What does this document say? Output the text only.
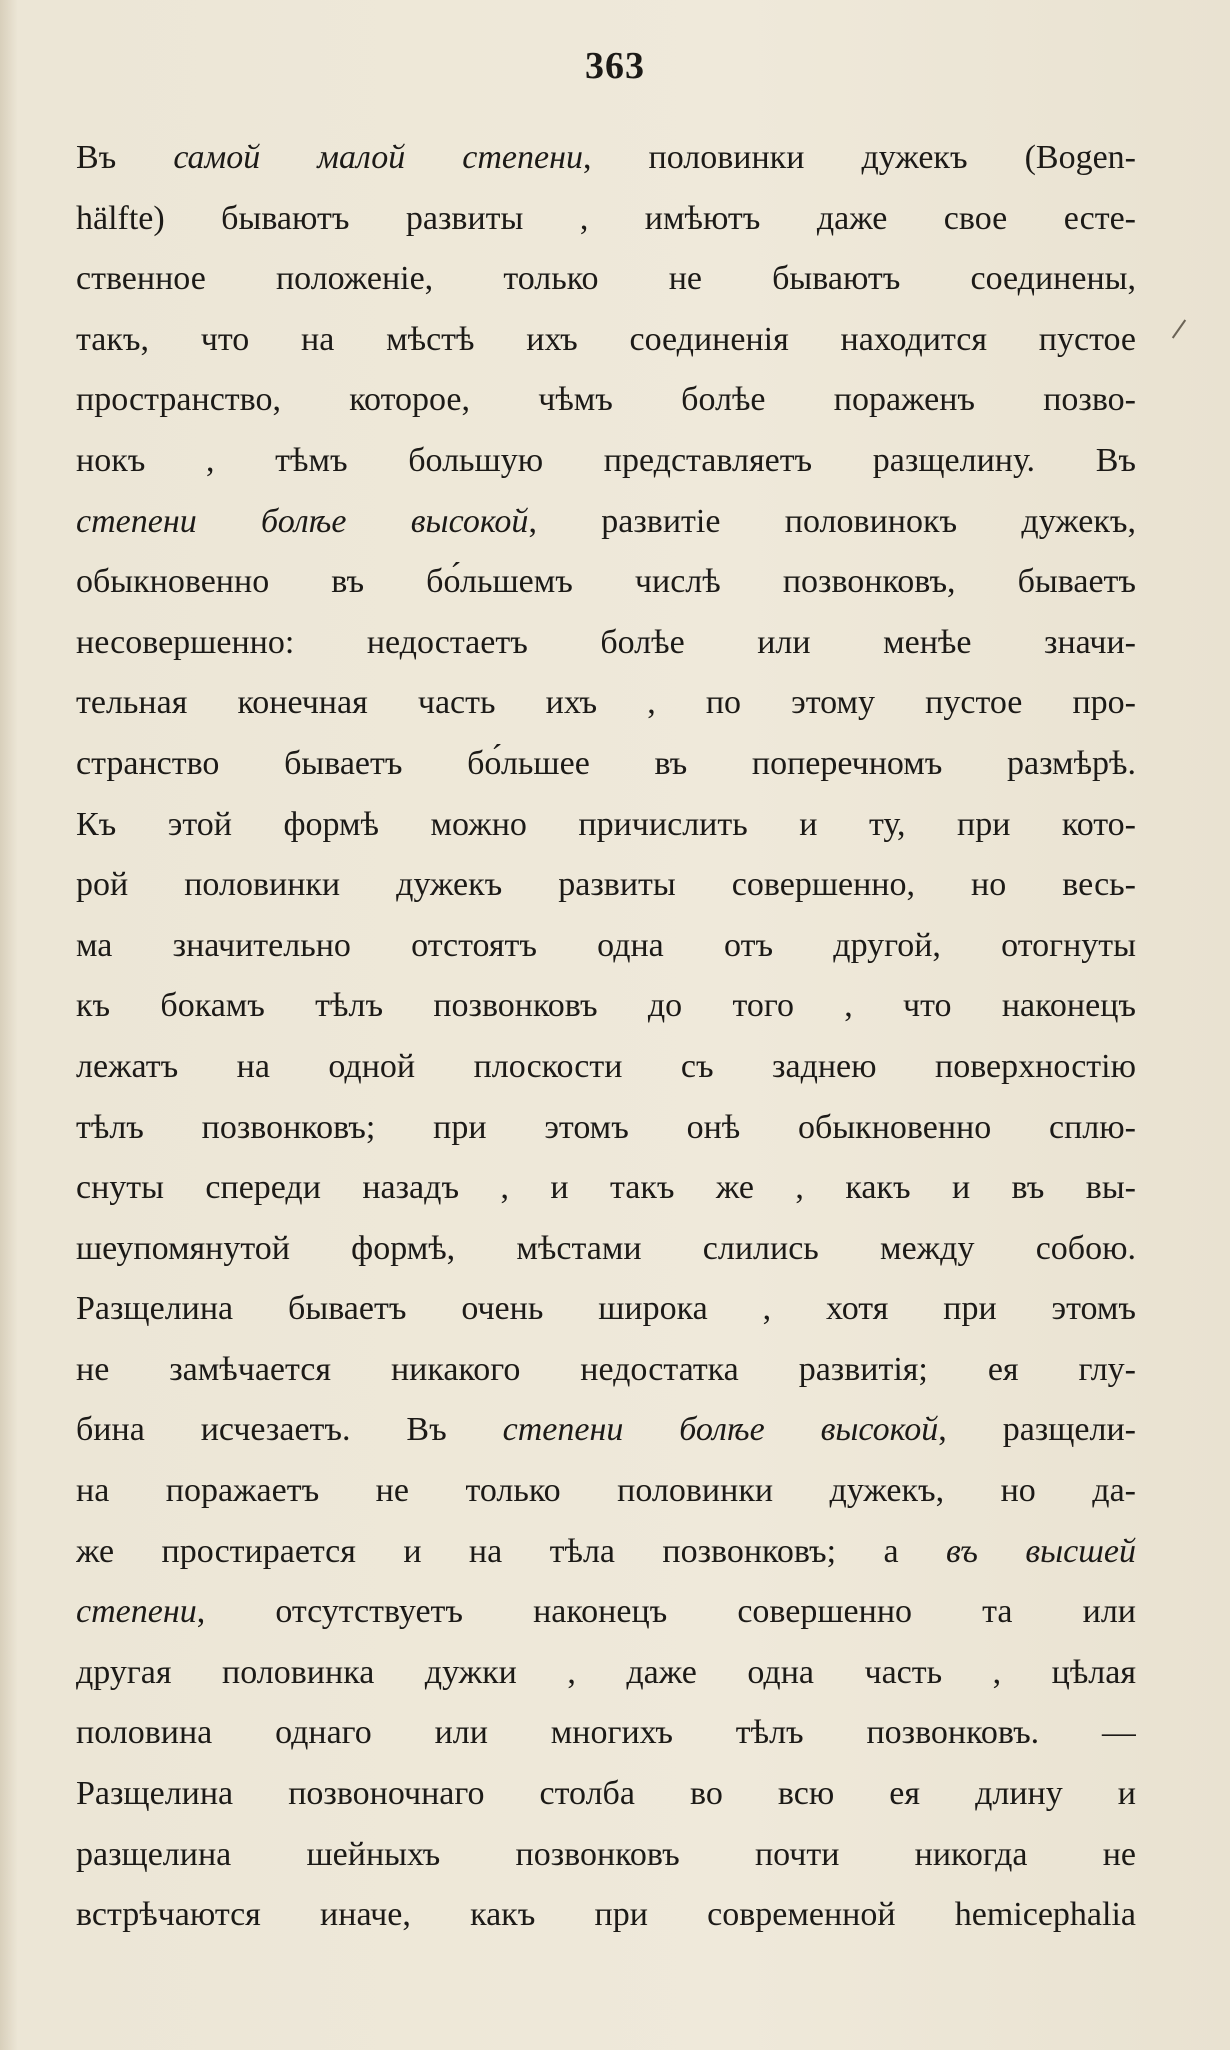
363
Въ самой малой степени, половинки дужекъ (Bogen-
hälfte) бываютъ развиты , имѣютъ даже свое есте-
ственное положеніе, только не бываютъ соединены,
такъ, что на мѣстѣ ихъ соединенія находится пустое
пространство, которое, чѣмъ болѣе пораженъ позво-
нокъ , тѣмъ большую представляетъ разщелину. Въ
степени болѣе высокой, развитіе половинокъ дужекъ,
обыкновенно въ бо́льшемъ числѣ позвонковъ, бываетъ
несовершенно: недостаетъ болѣе или менѣе значи-
тельная конечная часть ихъ , по этому пустое про-
странство бываетъ бо́льшее въ поперечномъ размѣрѣ.
Къ этой формѣ можно причислить и ту, при кото-
рой половинки дужекъ развиты совершенно, но весь-
ма значительно отстоятъ одна отъ другой, отогнуты
къ бокамъ тѣлъ позвонковъ до того , что наконецъ
лежатъ на одной плоскости съ заднею поверхностію
тѣлъ позвонковъ; при этомъ онѣ обыкновенно сплю-
снуты спереди назадъ , и такъ же , какъ и въ вы-
шеупомянутой формѣ, мѣстами слились между собою.
Разщелина бываетъ очень широка , хотя при этомъ
не замѣчается никакого недостатка развитія; ея глу-
бина исчезаетъ. Въ степени болѣе высокой, разщели-
на поражаетъ не только половинки дужекъ, но да-
же простирается и на тѣла позвонковъ; а въ высшей
степени, отсутствуетъ наконецъ совершенно та или
другая половинка дужки , даже одна часть , цѣлая
половина однаго или многихъ тѣлъ позвонковъ. —
Разщелина позвоночнаго столба во всю ея длину и
разщелина шейныхъ позвонковъ почти никогда не
встрѣчаются иначе, какъ при современной hemicephalia
